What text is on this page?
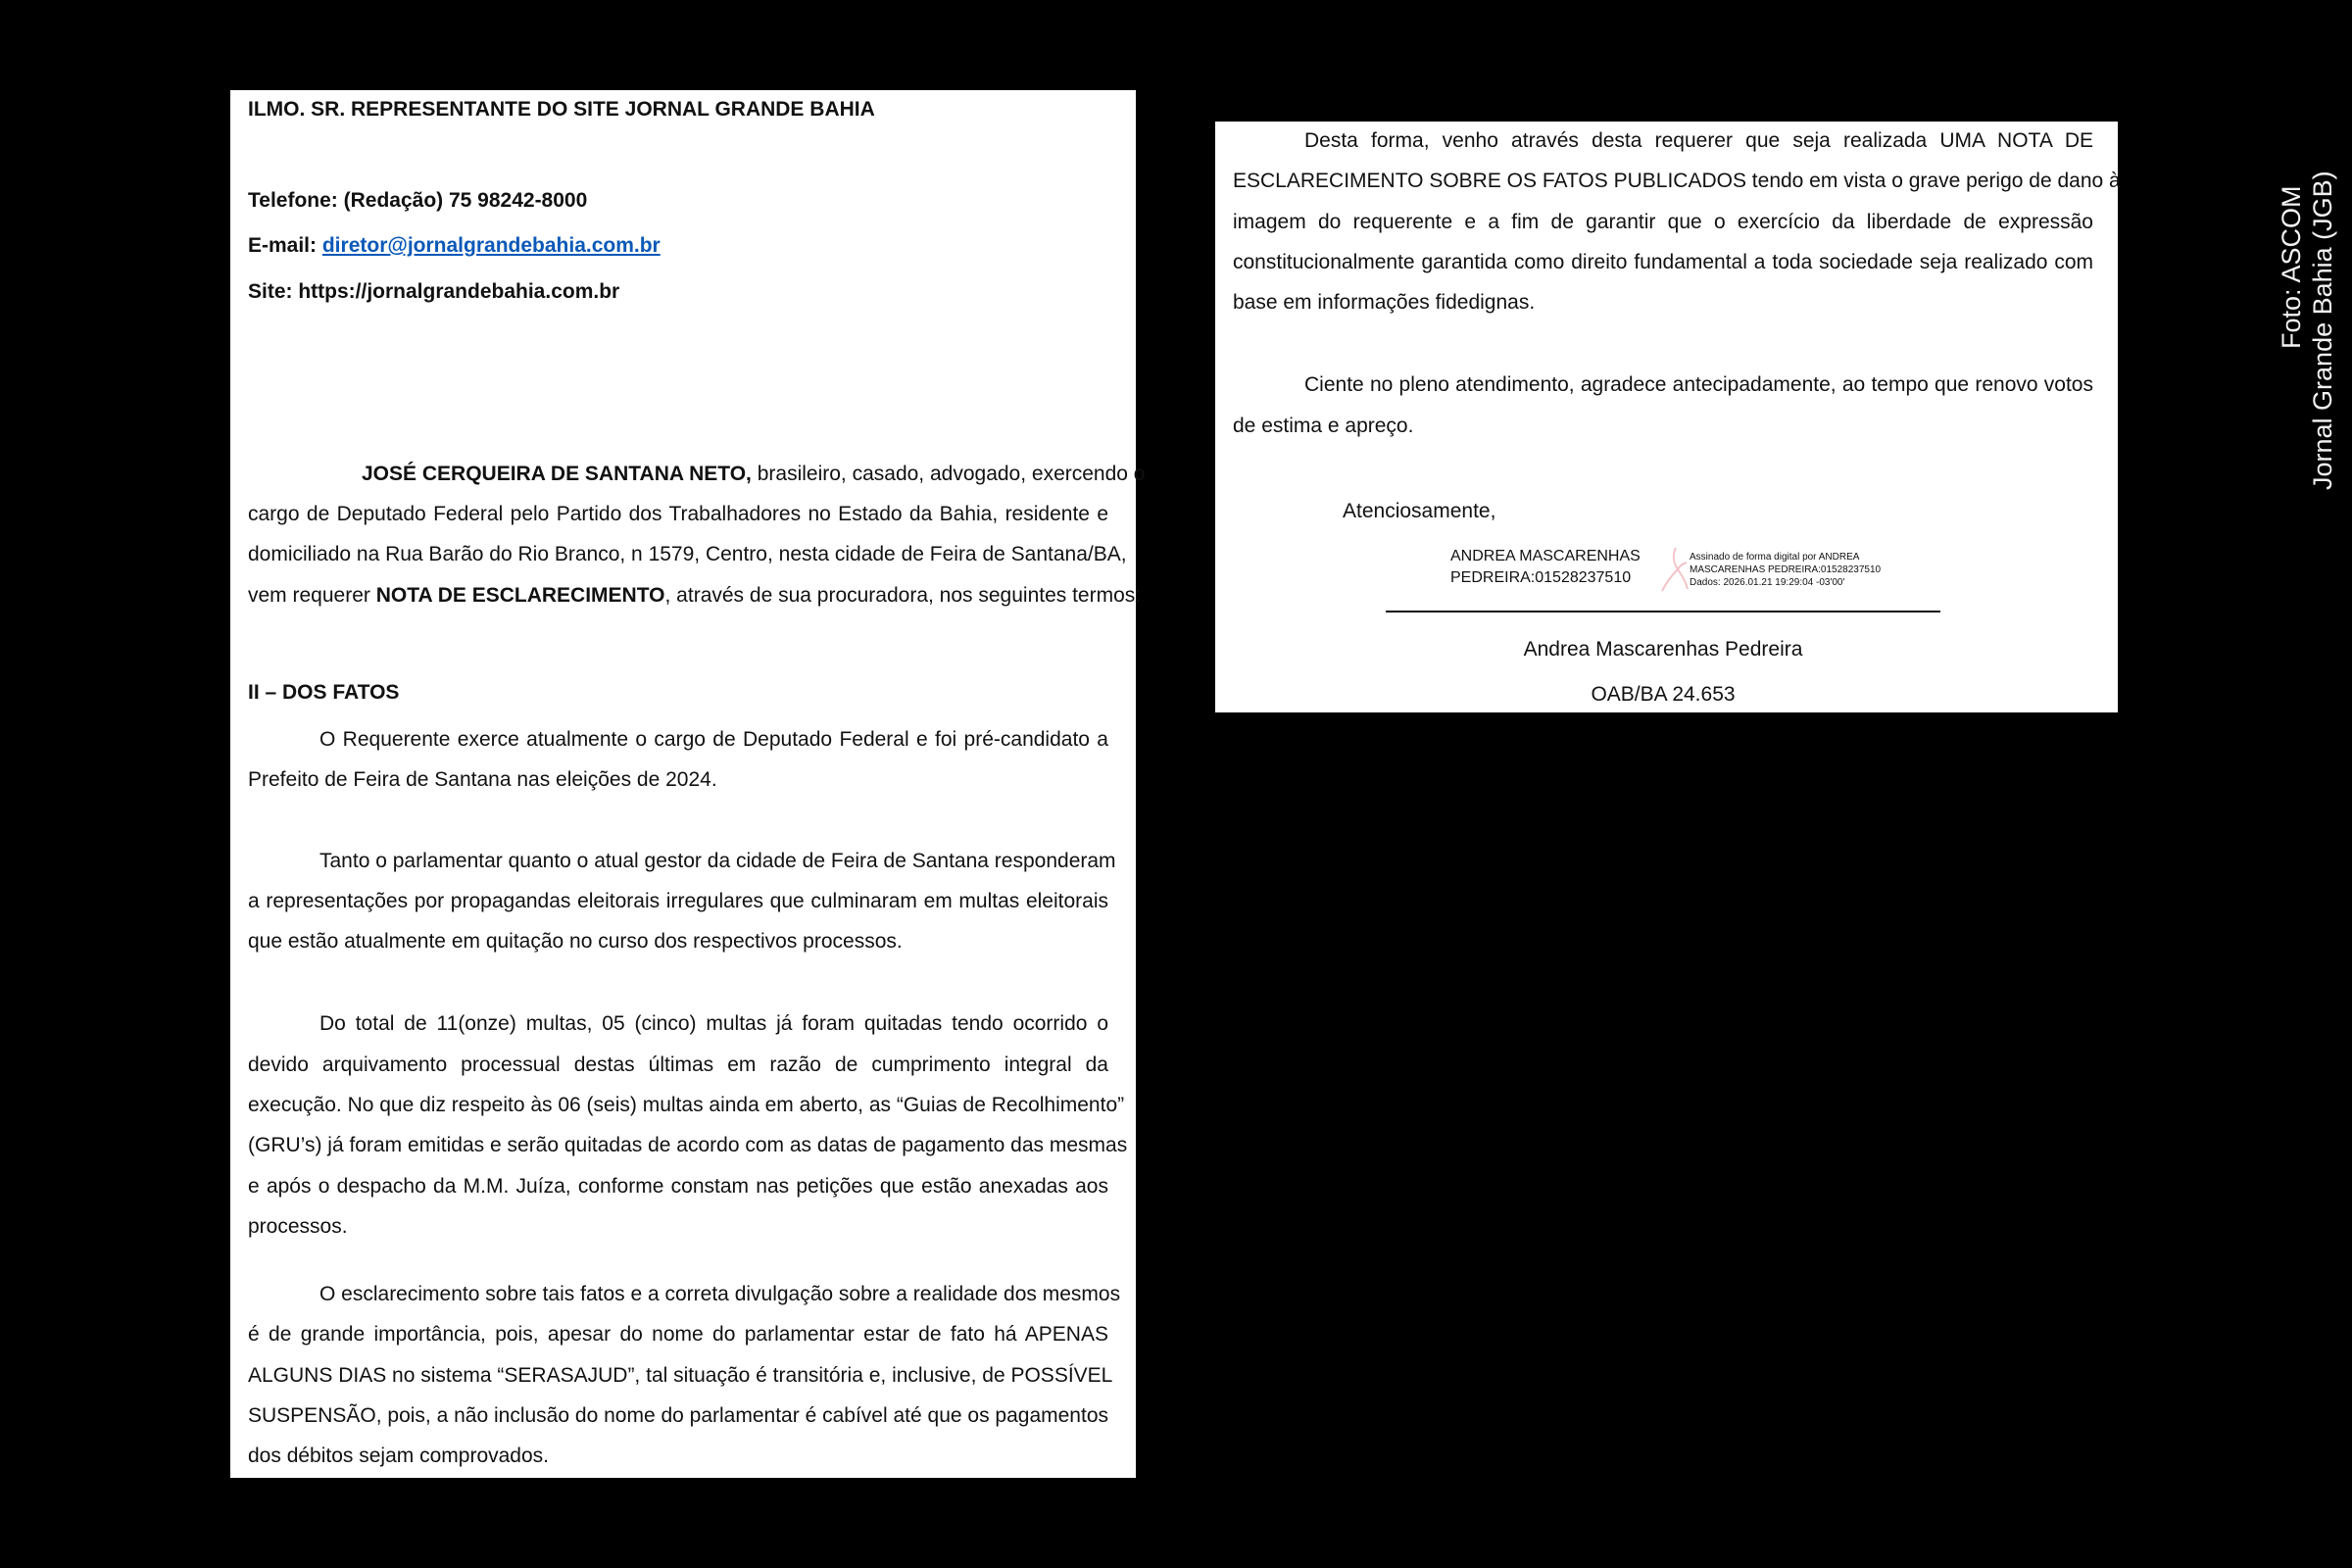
ILMO. SR. REPRESENTANTE DO SITE JORNAL GRANDE BAHIA
Telefone: (Redação) 75 98242-8000
E-mail: diretor@jornalgrandebahia.com.br
Site: https://jornalgrandebahia.com.br
JOSÉ CERQUEIRA DE SANTANA NETO, brasileiro, casado, advogado, exercendo o
cargo de Deputado Federal pelo Partido dos Trabalhadores no Estado da Bahia, residente e
domiciliado na Rua Barão do Rio Branco, n 1579, Centro, nesta cidade de Feira de Santana/BA,
vem requerer NOTA DE ESCLARECIMENTO, através de sua procuradora, nos seguintes termos:
II – DOS FATOS
O Requerente exerce atualmente o cargo de Deputado Federal e foi pré-candidato a
Prefeito de Feira de Santana nas eleições de 2024.
Tanto o parlamentar quanto o atual gestor da cidade de Feira de Santana responderam
a representações por propagandas eleitorais irregulares que culminaram em multas eleitorais
que estão atualmente em quitação no curso dos respectivos processos.
Do total de 11(onze) multas, 05 (cinco) multas já foram quitadas tendo ocorrido o
devido arquivamento processual destas últimas em razão de cumprimento integral da
execução. No que diz respeito às 06 (seis) multas ainda em aberto, as “Guias de Recolhimento”
(GRU’s) já foram emitidas e serão quitadas de acordo com as datas de pagamento das mesmas
e após o despacho da M.M. Juíza, conforme constam nas petições que estão anexadas aos
processos.
O esclarecimento sobre tais fatos e a correta divulgação sobre a realidade dos mesmos
é de grande importância, pois, apesar do nome do parlamentar estar de fato há APENAS
ALGUNS DIAS no sistema “SERASAJUD”, tal situação é transitória e, inclusive, de POSSÍVEL
SUSPENSÃO, pois, a não inclusão do nome do parlamentar é cabível até que os pagamentos
dos débitos sejam comprovados.
Desta forma, venho através desta requerer que seja realizada UMA NOTA DE
ESCLARECIMENTO SOBRE OS FATOS PUBLICADOS tendo em vista o grave perigo de dano à
imagem do requerente e a fim de garantir que o exercício da liberdade de expressão
constitucionalmente garantida como direito fundamental a toda sociedade seja realizado com
base em informações fidedignas.
Ciente no pleno atendimento, agradece antecipadamente, ao tempo que renovo votos
de estima e apreço.
Atenciosamente,
ANDREA MASCARENHAS
PEDREIRA:01528237510
Assinado de forma digital por ANDREA
MASCARENHAS PEDREIRA:01528237510
Dados: 2026.01.21 19:29:04 -03'00'
Andrea Mascarenhas Pedreira
OAB/BA 24.653
Foto: ASCOM Jornal Grande Bahia (JGB)
